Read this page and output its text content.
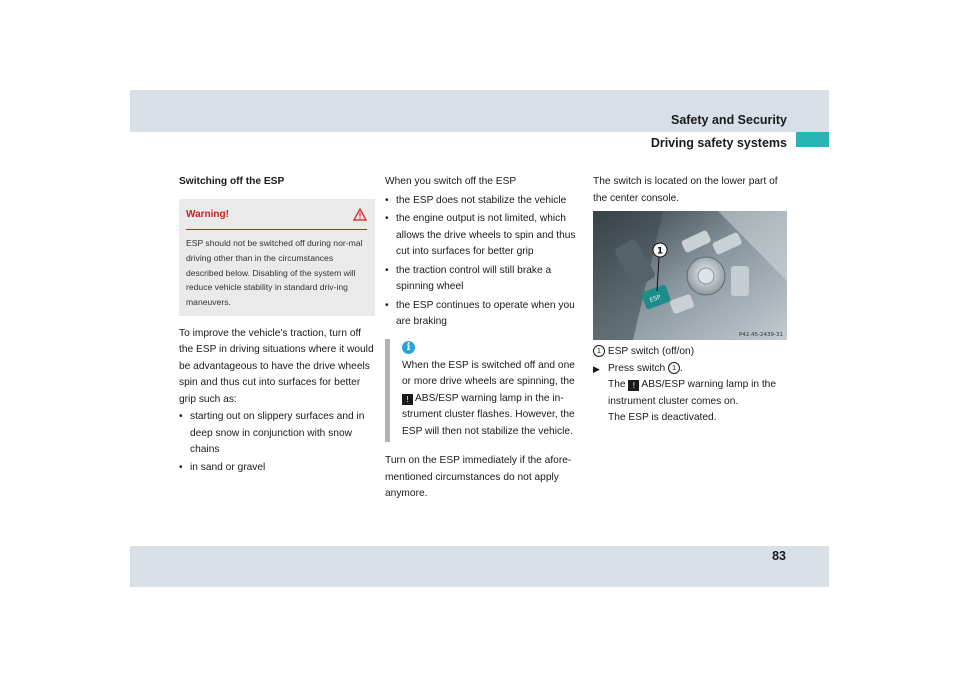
Safety and Security
Driving safety systems
Switching off the ESP
Warning!
ESP should not be switched off during nor-mal driving other than in the circumstances described below. Disabling of the system will reduce vehicle stability in standard driv-ing maneuvers.

To improve the vehicle’s traction, turn off the ESP in driving situations where it would be advantageous to have the drive wheels spin and thus cut into surfaces for better grip such as:

• starting out on slippery surfaces and in deep snow in conjunction with snow chains
• in sand or gravel

When you switch off the ESP

• the ESP does not stabilize the vehicle
• the engine output is not limited, which allows the drive wheels to spin and thus cut into surfaces for better grip
• the traction control will still brake a spinning wheel
• the ESP continues to operate when you are braking
i

When the ESP is switched off and one or more drive wheels are spinning, the ! ABS/ESP warning lamp in the in-strument cluster flashes. However, the ESP will then not stabilize the vehicle.

Turn on the ESP immediately if the afore-mentioned circumstances do not apply anymore.

The switch is located on the lower part of the center console.

ESP
1
P42.45-2439-31

1 ESP switch (off/on)

▶ Press switch 1 .

The ! ABS/ESP warning lamp in the instrument cluster comes on.

The ESP is deactivated.

83
